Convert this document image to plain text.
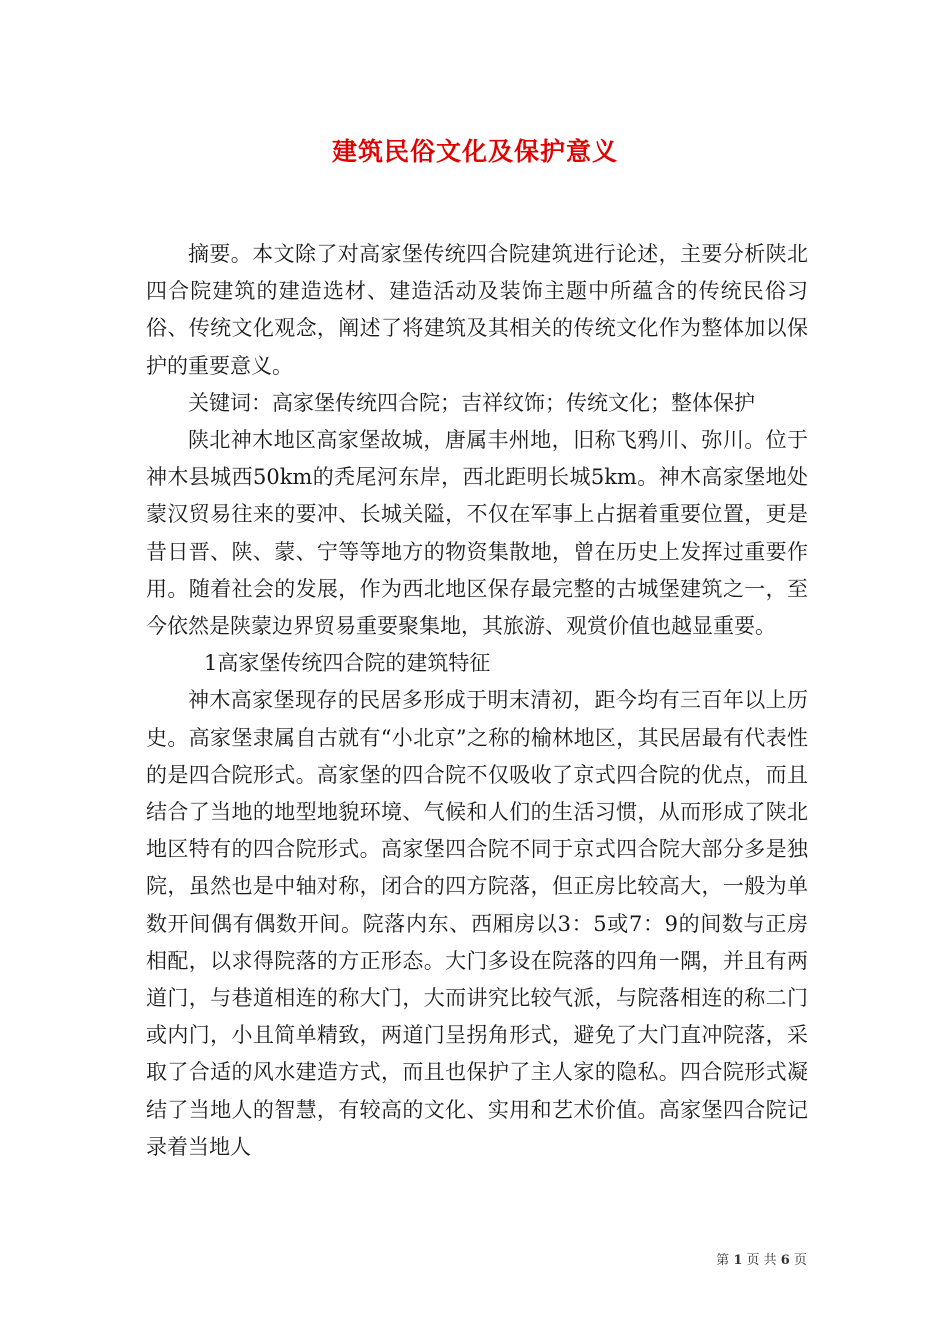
建筑民俗文化及保护意义

摘要。本文除了对高家堡传统四合院建筑进行论述，主要分析陕北四合院建筑的建造选材、建造活动及装饰主题中所蕴含的传统民俗习俗、传统文化观念，阐述了将建筑及其相关的传统文化作为整体加以保护的重要意义。

关键词：高家堡传统四合院；吉祥纹饰；传统文化；整体保护

陕北神木地区高家堡故城，唐属丰州地，旧称飞鸦川、弥川。位于神木县城西50km的秃尾河东岸，西北距明长城5km。神木高家堡地处蒙汉贸易往来的要冲、长城关隘，不仅在军事上占据着重要位置，更是昔日晋、陕、蒙、宁等等地方的物资集散地，曾在历史上发挥过重要作用。随着社会的发展，作为西北地区保存最完整的古城堡建筑之一，至今依然是陕蒙边界贸易重要聚集地，其旅游、观赏价值也越显重要。

1高家堡传统四合院的建筑特征

神木高家堡现存的民居多形成于明末清初，距今均有三百年以上历史。高家堡隶属自古就有“小北京”之称的榆林地区，其民居最有代表性的是四合院形式。高家堡的四合院不仅吸收了京式四合院的优点，而且结合了当地的地型地貌环境、气候和人们的生活习惯，从而形成了陕北地区特有的四合院形式。高家堡四合院不同于京式四合院大部分多是独院，虽然也是中轴对称，闭合的四方院落，但正房比较高大，一般为单数开间偶有偶数开间。院落内东、西厢房以3：5或7：9的间数与正房相配，以求得院落的方正形态。大门多设在院落的四角一隅，并且有两道门，与巷道相连的称大门，大而讲究比较气派，与院落相连的称二门或内门，小且简单精致，两道门呈拐角形式，避免了大门直冲院落，采取了合适的风水建造方式，而且也保护了主人家的隐私。四合院形式凝结了当地人的智慧，有较高的文化、实用和艺术价值。高家堡四合院记录着当地人

第 1 页 共 6 页
